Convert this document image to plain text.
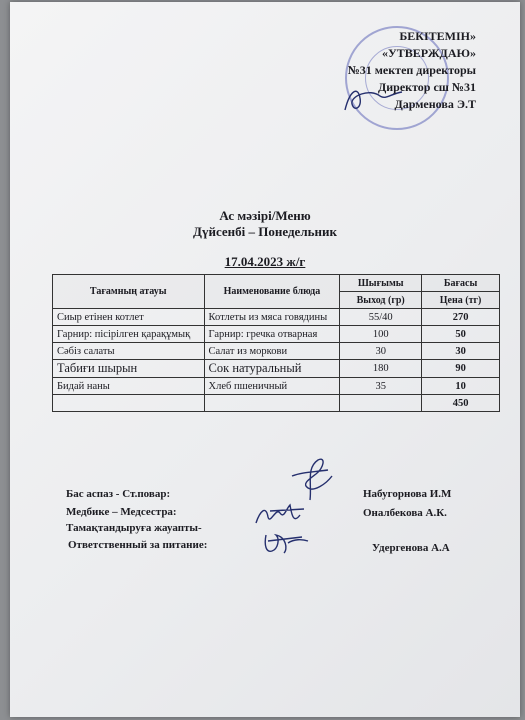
БЕКІТЕМІН»
«УТВЕРЖДАЮ»
№31 мектеп директоры
Директор сш №31
Дарменова Э.Т
Ас мәзірі/Меню
Дүйсенбі – Понедельник
17.04.2023 ж/г
Тағамның атауы	Наименование блюда	Шығымы	Бағасы
		Выход (гр)	Цена (тг)
Сиыр етінен котлет	Котлеты из мяса говядины	55/40	270
Гарнир: пісірілген қарақұмық	Гарнир: гречка отварная	100	50
Сәбіз салаты	Салат из моркови	30	30
Табиғи шырын	Сок натуральный	180	90
Бидай наны	Хлеб пшеничный	35	10
			450
Бас аспаз - Ст.повар:	Набугорнова И.М
Медбике – Медсестра:	Оналбекова А.К.
Тамақтандыруға жауапты-
Ответственный за питание:	Удергенова А.А
